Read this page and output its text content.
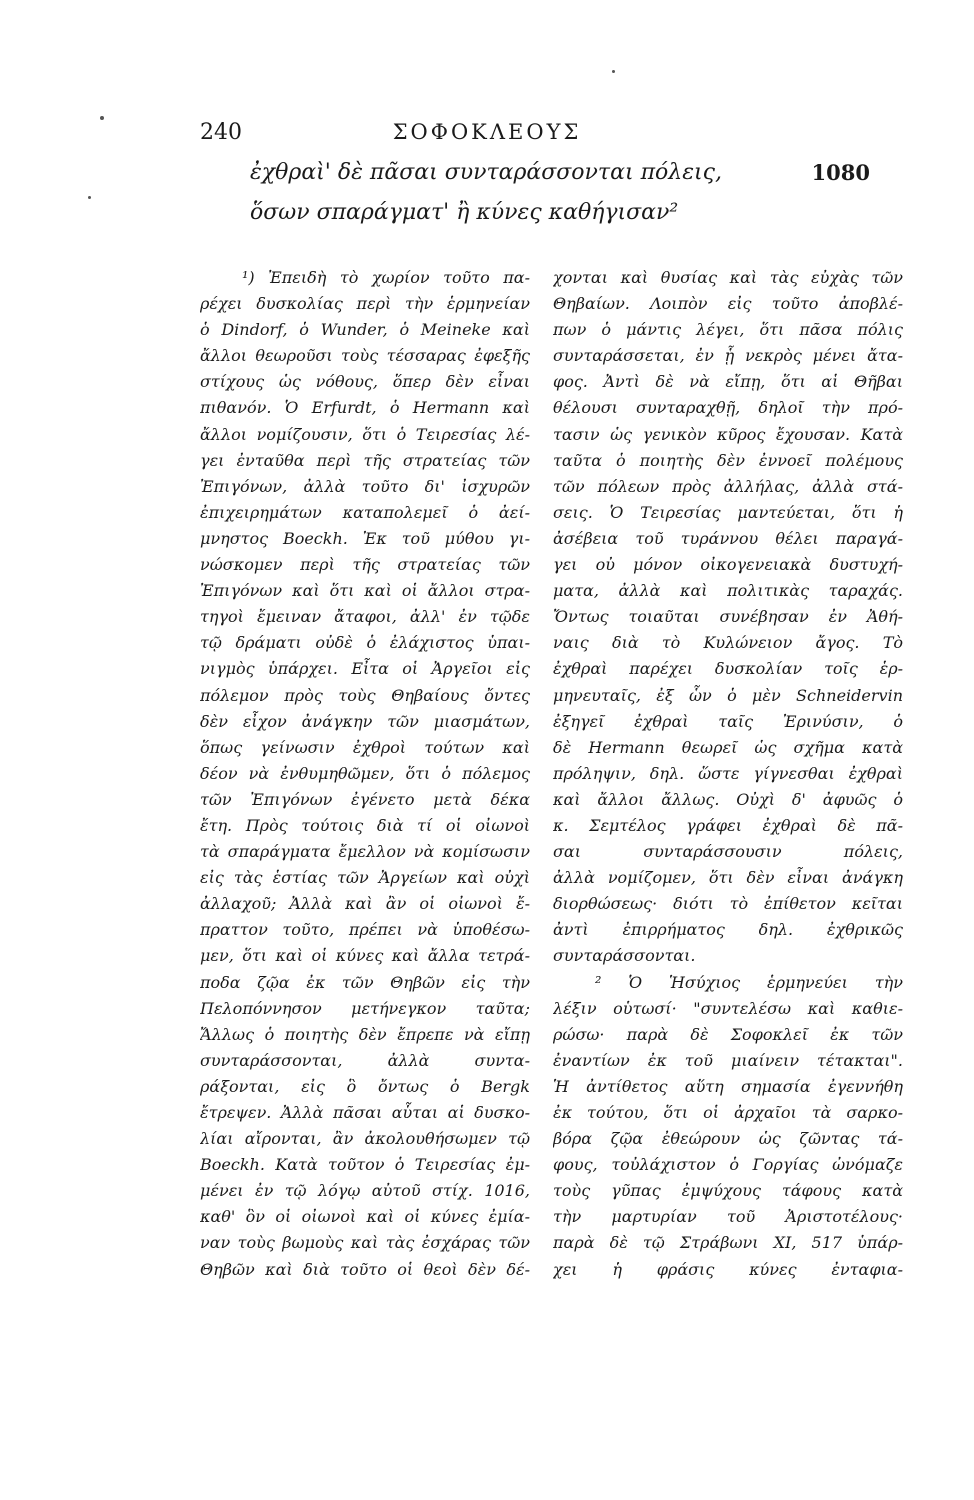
240	ΣΟΦΟΚΛΕΟΥΣ
ἐχθραὶ' δὲ πᾶσαι συνταράσσονται πόλεις,	1080
ὅσων σπαράγματ' ἢ κύνες καθήγισαν²
¹) Ἐπειδὴ τὸ χωρίον τοῦτο πα-
ρέχει δυσκολίας περὶ τὴν ἑρμηνείαν
ὁ Dindorf, ὁ Wunder, ὁ Meineke καὶ
ἄλλοι θεωροῦσι τοὺς τέσσαρας ἐφεξῆς
στίχους ὡς νόθους, ὅπερ δὲν εἶναι
πιθανόν. Ὁ Erfurdt, ὁ Hermann καὶ
ἄλλοι νομίζουσιν, ὅτι ὁ Τειρεσίας λέ-
γει ἐνταῦθα περὶ τῆς στρατείας τῶν
Ἐπιγόνων, ἀλλὰ τοῦτο δι' ἰσχυρῶν
ἐπιχειρημάτων καταπολεμεῖ ὁ ἀεί-
μνηστος Boeckh. Ἐκ τοῦ μύθου γι-
νώσκομεν περὶ τῆς στρατείας τῶν
Ἐπιγόνων καὶ ὅτι καὶ οἱ ἄλλοι στρα-
τηγοὶ ἔμειναν ἄταφοι, ἀλλ' ἐν τῷδε
τῷ δράματι οὐδὲ ὁ ἐλάχιστος ὑπαι-
νιγμὸς ὑπάρχει. Εἶτα οἱ Ἀργεῖοι εἰς
πόλεμον πρὸς τοὺς Θηβαίους ὄντες
δὲν εἶχον ἀνάγκην τῶν μιασμάτων,
ὅπως γείνωσιν ἐχθροὶ τούτων καὶ
δέον νὰ ἐνθυμηθῶμεν, ὅτι ὁ πόλεμος
τῶν Ἐπιγόνων ἐγένετο μετὰ δέκα
ἔτη. Πρὸς τούτοις διὰ τί οἱ οἰωνοὶ
τὰ σπαράγματα ἔμελλον νὰ κομίσωσιν
εἰς τὰς ἑστίας τῶν Ἀργείων καὶ οὐχὶ
ἀλλαχοῦ; Ἀλλὰ καὶ ἂν οἱ οἰωνοὶ ἔ-
πραττον τοῦτο, πρέπει νὰ ὑποθέσω-
μεν, ὅτι καὶ οἱ κύνες καὶ ἄλλα τετρά-
ποδα ζῷα ἐκ τῶν Θηβῶν εἰς τὴν
Πελοπόννησον μετήνεγκον ταῦτα;
Ἄλλως ὁ ποιητὴς δὲν ἔπρεπε νὰ εἴπῃ
συνταράσσονται, ἀλλὰ συντα-
ράξονται, εἰς ὃ ὄντως ὁ Bergk
ἔτρεψεν. Ἀλλὰ πᾶσαι αὗται αἱ δυσκο-
λίαι αἴρονται, ἂν ἀκολουθήσωμεν τῷ
Boeckh. Κατὰ τοῦτον ὁ Τειρεσίας ἐμ-
μένει ἐν τῷ λόγῳ αὐτοῦ στίχ. 1016,
καθ' ὃν οἱ οἰωνοὶ καὶ οἱ κύνες ἐμία-
ναν τοὺς βωμοὺς καὶ τὰς ἐσχάρας τῶν
Θηβῶν καὶ διὰ τοῦτο οἱ θεοὶ δὲν δέ-
χονται καὶ θυσίας καὶ τὰς εὐχὰς τῶν
Θηβαίων. Λοιπὸν εἰς τοῦτο ἀποβλέ-
πων ὁ μάντις λέγει, ὅτι πᾶσα πόλις
συνταράσσεται, ἐν ᾗ νεκρὸς μένει ἄτα-
φος. Ἀντὶ δὲ νὰ εἴπῃ, ὅτι αἱ Θῆβαι
θέλουσι συνταραχθῇ, δηλοῖ τὴν πρό-
τασιν ὡς γενικὸν κῦρος ἔχουσαν. Κατὰ
ταῦτα ὁ ποιητὴς δὲν ἐννοεῖ πολέμους
τῶν πόλεων πρὸς ἀλλήλας, ἀλλὰ στά-
σεις. Ὁ Τειρεσίας μαντεύεται, ὅτι ἡ
ἀσέβεια τοῦ τυράννου θέλει παραγά-
γει οὐ μόνον οἰκογενειακὰ δυστυχή-
ματα, ἀλλὰ καὶ πολιτικὰς ταραχάς.
Ὄντως τοιαῦται συνέβησαν ἐν Ἀθή-
ναις διὰ τὸ Κυλώνειον ἄγος. Τὸ
ἐχθραὶ παρέχει δυσκολίαν τοῖς ἑρ-
μηνευταῖς, ἐξ ὧν ὁ μὲν Schneidervin
ἐξηγεῖ ἐχθραὶ ταῖς Ἐρινύσιν, ὁ
δὲ Hermann θεωρεῖ ὡς σχῆμα κατὰ
πρόληψιν, δηλ. ὥστε γίγνεσθαι ἐχθραὶ
καὶ ἄλλοι ἄλλως. Οὐχὶ δ' ἀφυῶς ὁ
κ. Σεμτέλος γράφει ἐχθραὶ δὲ πᾶ-
σαι συνταράσσουσιν πόλεις,
ἀλλὰ νομίζομεν, ὅτι δὲν εἶναι ἀνάγκη
διορθώσεως· διότι τὸ ἐπίθετον κεῖται
ἀντὶ ἐπιρρήματος δηλ. ἐχθρικῶς
συνταράσσονται.
² Ὁ Ἡσύχιος ἑρμηνεύει τὴν
λέξιν οὑτωσί· "συντελέσω καὶ καθιε-
ρώσω· παρὰ δὲ Σοφοκλεῖ ἐκ τῶν
ἐναντίων ἐκ τοῦ μιαίνειν τέτακται".
Ἡ ἀντίθετος αὕτη σημασία ἐγεννήθη
ἐκ τούτου, ὅτι οἱ ἀρχαῖοι τὰ σαρκο-
βόρα ζῷα ἐθεώρουν ὡς ζῶντας τά-
φους, τοὐλάχιστον ὁ Γοργίας ὠνόμαζε
τοὺς γῦπας ἐμψύχους τάφους κατὰ
τὴν μαρτυρίαν τοῦ Ἀριστοτέλους·
παρὰ δὲ τῷ Στράβωνι XI, 517 ὑπάρ-
χει ἡ φράσις κύνες ἐνταφια-
